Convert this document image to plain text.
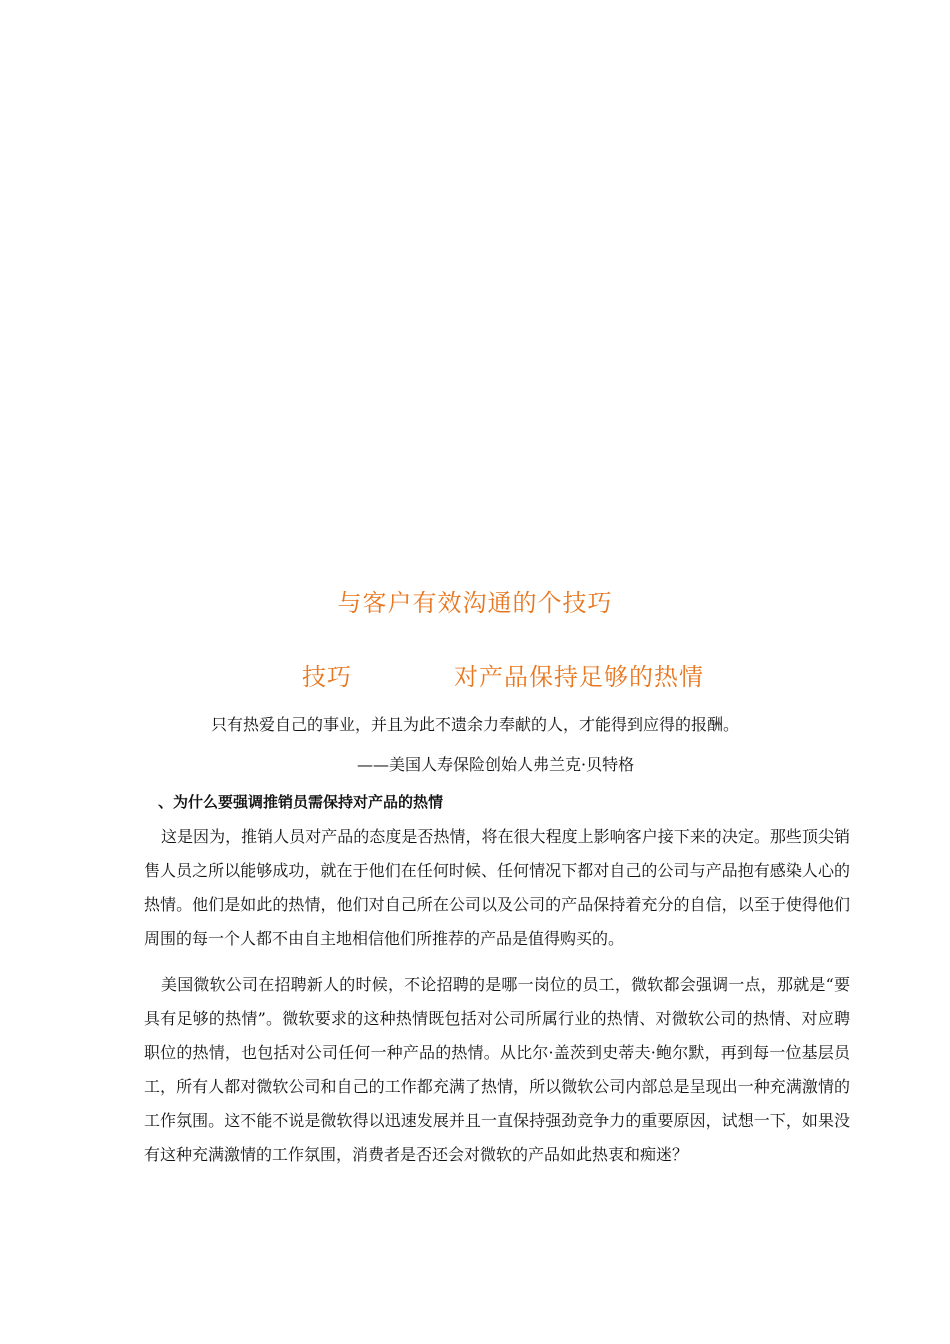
与客户有效沟通的个技巧
技巧	对产品保持足够的热情
只有热爱自己的事业，并且为此不遗余力奉献的人，才能得到应得的报酬。
——美国人寿保险创始人弗兰克·贝特格
、为什么要强调推销员需保持对产品的热情

这是因为，推销人员对产品的态度是否热情，将在很大程度上影响客户接下来的决定。那些顶尖销售人员之所以能够成功，就在于他们在任何时候、任何情况下都对自己的公司与产品抱有感染人心的热情。他们是如此的热情，他们对自己所在公司以及公司的产品保持着充分的自信，以至于使得他们周围的每一个人都不由自主地相信他们所推荐的产品是值得购买的。

美国微软公司在招聘新人的时候，不论招聘的是哪一岗位的员工，微软都会强调一点，那就是“要具有足够的热情”。微软要求的这种热情既包括对公司所属行业的热情、对微软公司的热情、对应聘职位的热情，也包括对公司任何一种产品的热情。从比尔·盖茨到史蒂夫·鲍尔默，再到每一位基层员工，所有人都对微软公司和自己的工作都充满了热情，所以微软公司内部总是呈现出一种充满激情的工作氛围。这不能不说是微软得以迅速发展并且一直保持强劲竞争力的重要原因，试想一下，如果没有这种充满激情的工作氛围，消费者是否还会对微软的产品如此热衷和痴迷？
